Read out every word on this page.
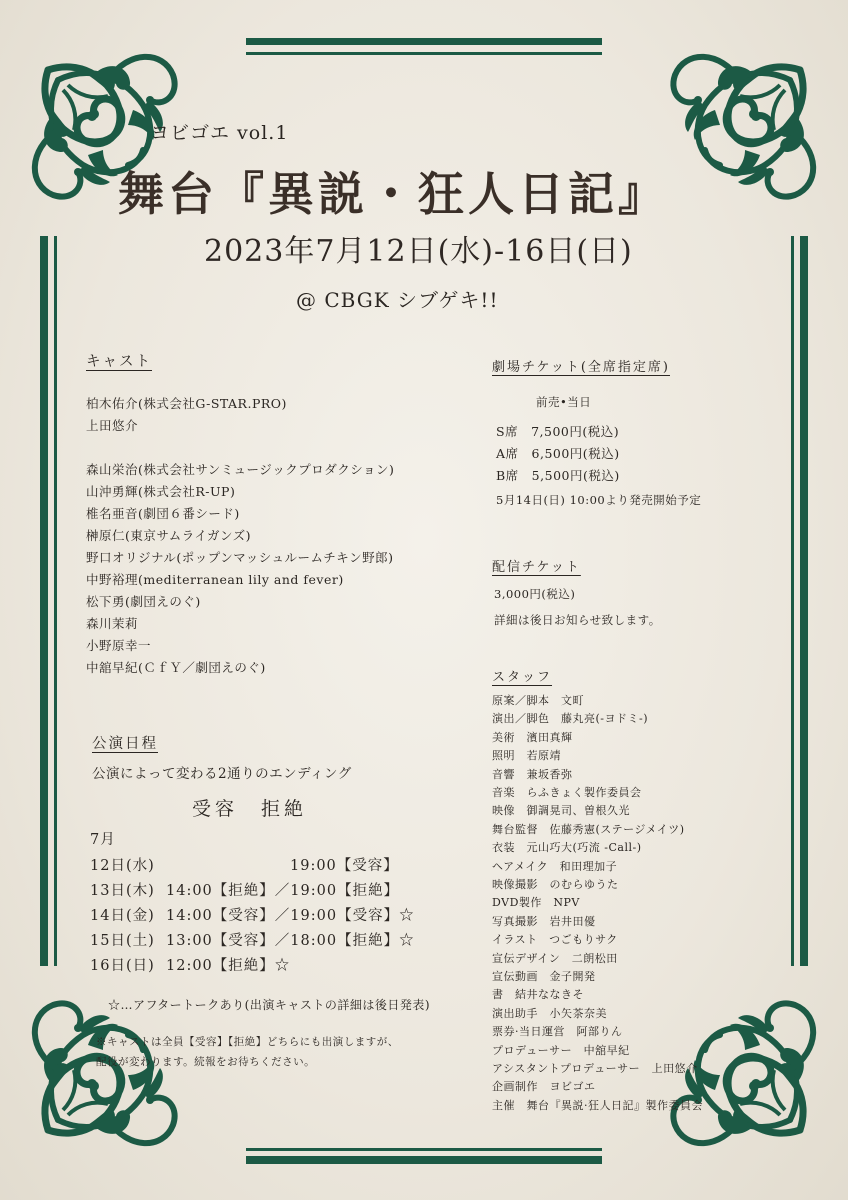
ヨビゴエ vol.1
舞台『異説・狂人日記』
2023年7月12日(水)-16日(日)
@ CBGK シブゲキ!!
キャスト
柏木佑介(株式会社G-STAR.PRO)
上田悠介
森山栄治(株式会社サンミュージックプロダクション)
山沖勇輝(株式会社R-UP)
椎名亜音(劇団６番シード)
榊原仁(東京サムライガンズ)
野口オリジナル(ポップンマッシュルームチキン野郎)
中野裕理(mediterranean lily and fever)
松下勇(劇団えのぐ)
森川茉莉
小野原幸一
中舘早紀(ＣｆＹ／劇団えのぐ)
公演日程
公演によって変わる2通りのエンディング
受容　拒絶
7月
12日(水)	19:00【受容】
13日(木) 14:00【拒絶】／19:00【拒絶】
14日(金) 14:00【受容】／19:00【受容】☆
15日(土) 13:00【受容】／18:00【拒絶】☆
16日(日) 12:00【拒絶】☆
☆…アフタートークあり(出演キャストの詳細は後日発表)
※キャストは全員【受容】【拒絶】どちらにも出演しますが、
配役が変わります。続報をお待ちください。
劇場チケット(全席指定席)
前売•当日
S席　7,500円(税込)
A席　6,500円(税込)
B席　5,500円(税込)
5月14日(日) 10:00より発売開始予定
配信チケット
3,000円(税込)
詳細は後日お知らせ致します。
スタッフ
原案／脚本　文町
演出／脚色　藤丸亮(-ヨドミ-)
美術　濱田真輝
照明　若原靖
音響　兼坂香弥
音楽　らふきょく製作委員会
映像　御調晃司、曽根久光
舞台監督　佐藤秀憲(ステージメイツ)
衣装　元山巧大(巧流 -Call-)
ヘアメイク　和田理加子
映像撮影　のむらゆうた
DVD製作　NPV
写真撮影　岩井田優
イラスト　つごもりサク
宣伝デザイン　二朗松田
宣伝動画　金子開発
書　結井ななきそ
演出助手　小矢茶奈美
票券·当日運営　阿部りん
プロデューサー　中舘早紀
アシスタントプロデューサー　上田悠介
企画制作　ヨビゴエ
主催　舞台『異説·狂人日記』製作委員会
